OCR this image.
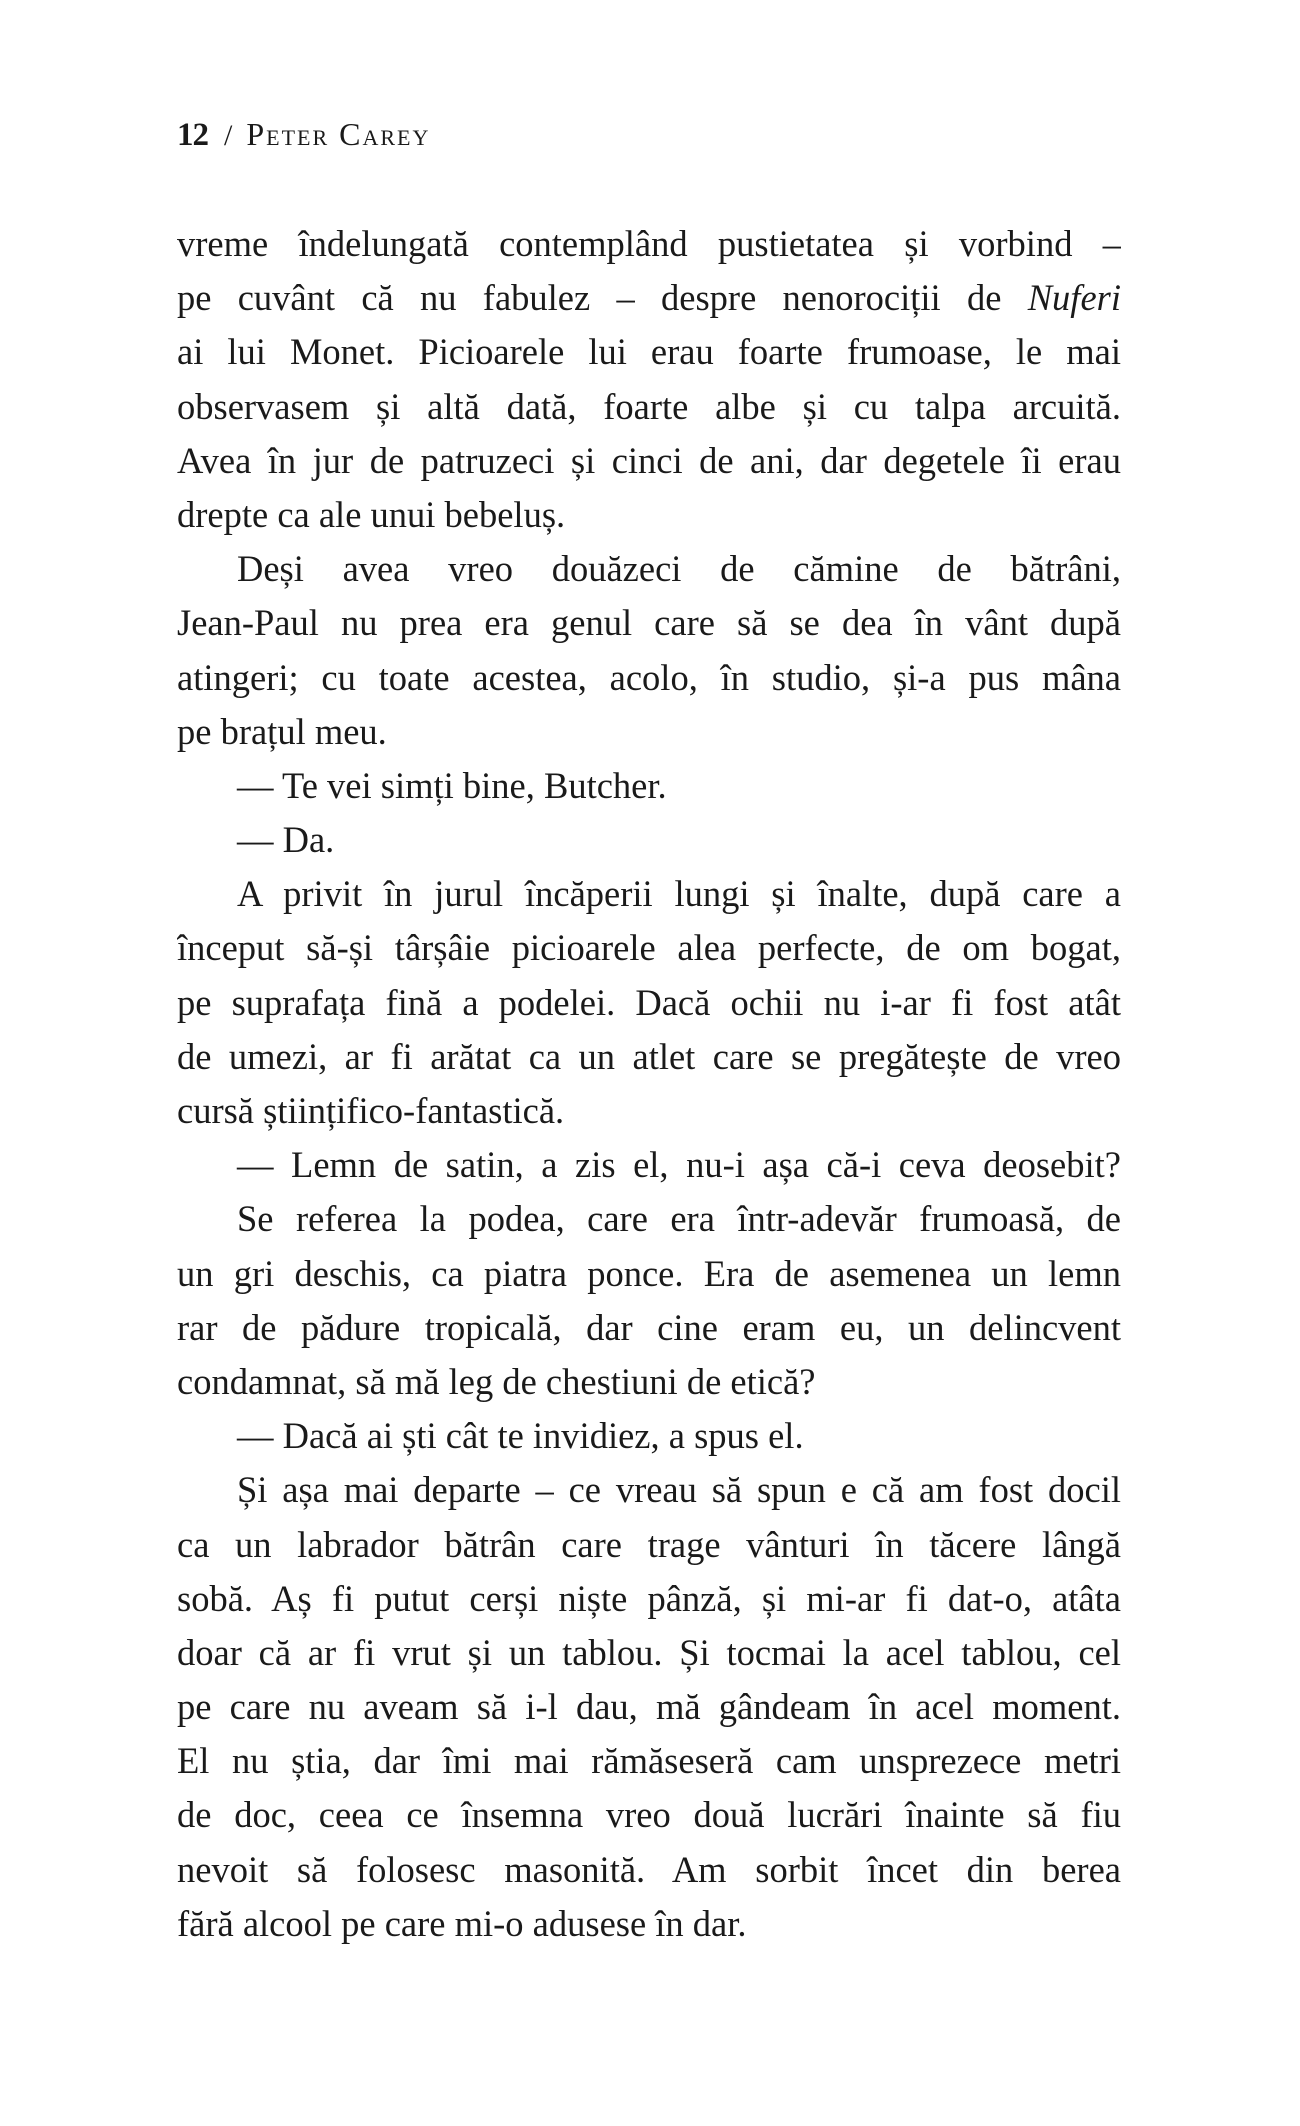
12 / Peter Carey
vreme îndelungată contemplând pustietatea și vorbind –
pe cuvânt că nu fabulez – despre nenorociții de Nuferi
ai lui Monet. Picioarele lui erau foarte frumoase, le mai
observasem și altă dată, foarte albe și cu talpa arcuită.
Avea în jur de patruzeci și cinci de ani, dar degetele îi erau
drepte ca ale unui bebeluș.
Deși avea vreo douăzeci de cămine de bătrâni,
Jean-Paul nu prea era genul care să se dea în vânt după
atingeri; cu toate acestea, acolo, în studio, și-a pus mâna
pe brațul meu.
— Te vei simți bine, Butcher.
— Da.
A privit în jurul încăperii lungi și înalte, după care a
început să-și târșâie picioarele alea perfecte, de om bogat,
pe suprafața fină a podelei. Dacă ochii nu i-ar fi fost atât
de umezi, ar fi arătat ca un atlet care se pregătește de vreo
cursă științifico-fantastică.
— Lemn de satin, a zis el, nu-i așa că-i ceva deosebit?
Se referea la podea, care era într-adevăr frumoasă, de
un gri deschis, ca piatra ponce. Era de asemenea un lemn
rar de pădure tropicală, dar cine eram eu, un delincvent
condamnat, să mă leg de chestiuni de etică?
— Dacă ai ști cât te invidiez, a spus el.
Și așa mai departe – ce vreau să spun e că am fost docil
ca un labrador bătrân care trage vânturi în tăcere lângă
sobă. Aș fi putut cerși niște pânză, și mi-ar fi dat-o, atâta
doar că ar fi vrut și un tablou. Și tocmai la acel tablou, cel
pe care nu aveam să i-l dau, mă gândeam în acel moment.
El nu știa, dar îmi mai rămăseseră cam unsprezece metri
de doc, ceea ce însemna vreo două lucrări înainte să fiu
nevoit să folosesc masonită. Am sorbit încet din berea
fără alcool pe care mi-o adusese în dar.
